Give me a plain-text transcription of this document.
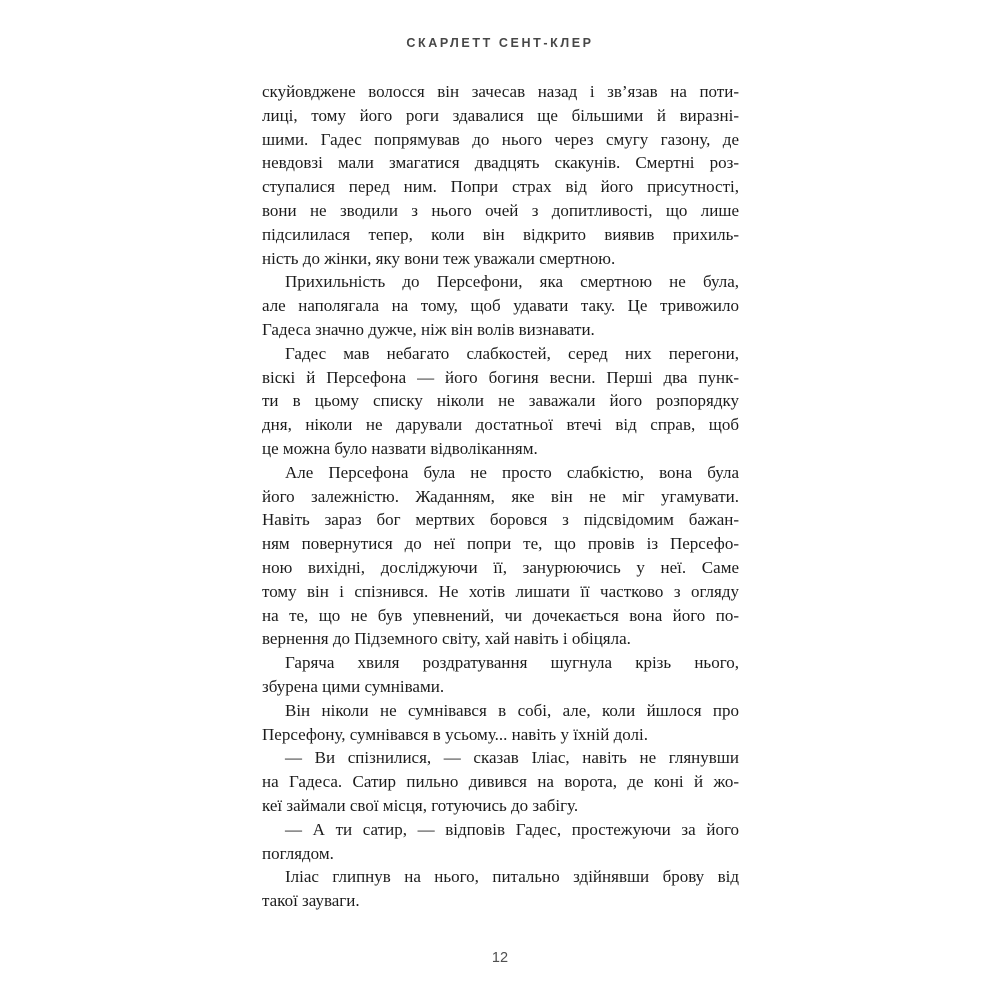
СКАРЛЕТТ СЕНТ-КЛЕР
скуйовджене волосся він зачесав назад і зв’язав на поти-
лиці, тому його роги здавалися ще більшими й виразні-
шими. Гадес попрямував до нього через смугу газону, де
невдовзі мали змагатися двадцять скакунів. Смертні роз-
ступалися перед ним. Попри страх від його присутності,
вони не зводили з нього очей з допитливості, що лише
підсилилася тепер, коли він відкрито виявив прихиль-
ність до жінки, яку вони теж уважали смертною.
Прихильність до Персефони, яка смертною не була,
але наполягала на тому, щоб удавати таку. Це тривожило
Гадеса значно дужче, ніж він волів визнавати.
Гадес мав небагато слабкостей, серед них перегони,
віскі й Персефона — його богиня весни. Перші два пунк-
ти в цьому списку ніколи не заважали його розпорядку
дня, ніколи не дарували достатньої втечі від справ, щоб
це можна було назвати відволіканням.
Але Персефона була не просто слабкістю, вона була
його залежністю. Жаданням, яке він не міг угамувати.
Навіть зараз бог мертвих боровся з підсвідомим бажан-
ням повернутися до неї попри те, що провів із Персефо-
ною вихідні, досліджуючи її, занурюючись у неї. Саме
тому він і спізнився. Не хотів лишати її частково з огляду
на те, що не був упевнений, чи дочекається вона його по-
вернення до Підземного світу, хай навіть і обіцяла.
Гаряча хвиля роздратування шугнула крізь нього,
збурена цими сумнівами.
Він ніколи не сумнівався в собі, але, коли йшлося про
Персефону, сумнівався в усьому... навіть у їхній долі.
— Ви спізнилися, — сказав Іліас, навіть не глянувши
на Гадеса. Сатир пильно дивився на ворота, де коні й жо-
кеї займали свої місця, готуючись до забігу.
— А ти сатир, — відповів Гадес, простежуючи за його
поглядом.
Іліас глипнув на нього, питально здійнявши брову від
такої зауваги.
12
